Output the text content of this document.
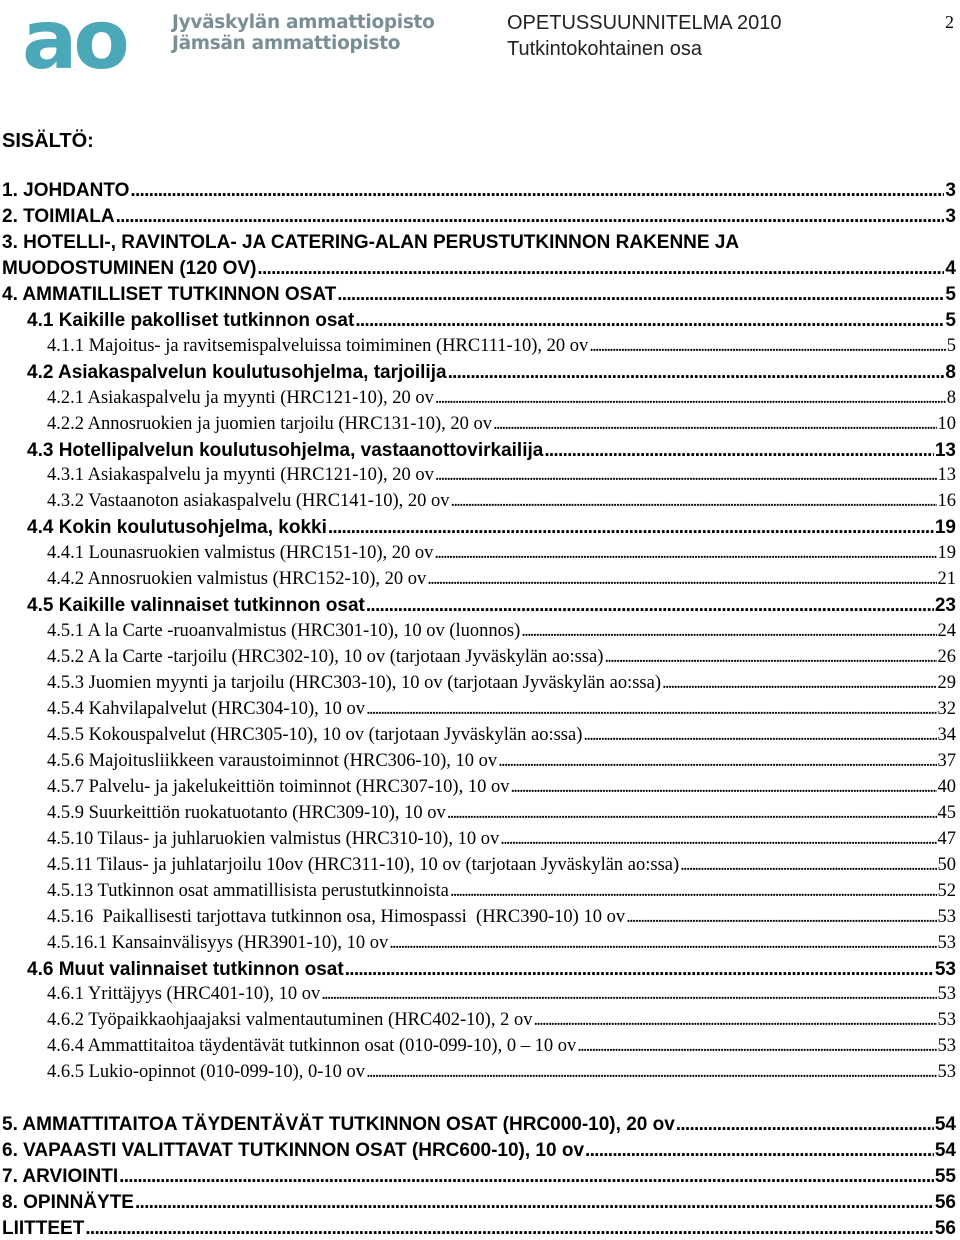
ao	Jyväskylän ammattiopisto
Jämsän ammattiopisto
OPETUSSUUNNITELMA 2010
Tutkintokohtainen osa
2
SISÄLTÖ:
1. JOHDANTO . . .	3
2. TOIMIALA . . .	3
3. HOTELLI-, RAVINTOLA- JA CATERING-ALAN PERUSTUTKINNON RAKENNE JA
MUODOSTUMINEN (120 OV) . . .	4
4. AMMATILLISET TUTKINNON OSAT . . .	5
4.1 Kaikille pakolliset tutkinnon osat . . .	5
4.1.1 Majoitus- ja ravitsemispalveluissa toimiminen (HRC111-10), 20 ov . . .	5
4.2 Asiakaspalvelun koulutusohjelma, tarjoilija . . .	8
4.2.1 Asiakaspalvelu ja myynti (HRC121-10), 20 ov . . .	8
4.2.2 Annosruokien ja juomien tarjoilu (HRC131-10), 20 ov . . .	10
4.3 Hotellipalvelun koulutusohjelma, vastaanottovirkailija . . .	13
4.3.1 Asiakaspalvelu ja myynti (HRC121-10), 20 ov . . .	13
4.3.2 Vastaanoton asiakaspalvelu (HRC141-10), 20 ov . . .	16
4.4 Kokin koulutusohjelma, kokki . . .	19
4.4.1 Lounasruokien valmistus (HRC151-10), 20 ov . . .	19
4.4.2 Annosruokien valmistus (HRC152-10), 20 ov . . .	21
4.5 Kaikille valinnaiset tutkinnon osat . . .	23
4.5.1 A la Carte -ruoanvalmistus (HRC301-10), 10 ov (luonnos) . . .	24
4.5.2 A la Carte -tarjoilu (HRC302-10), 10 ov (tarjotaan Jyväskylän ao:ssa) . . .	26
4.5.3 Juomien myynti ja tarjoilu (HRC303-10), 10 ov (tarjotaan Jyväskylän ao:ssa) . . .	29
4.5.4 Kahvilapalvelut (HRC304-10), 10 ov . . .	32
4.5.5 Kokouspalvelut (HRC305-10), 10 ov (tarjotaan Jyväskylän ao:ssa) . . .	34
4.5.6 Majoitusliikkeen varaustoiminnot (HRC306-10), 10 ov . . .	37
4.5.7 Palvelu- ja jakelukeittiön toiminnot (HRC307-10), 10 ov . . .	40
4.5.9 Suurkeittiön ruokatuotanto (HRC309-10), 10 ov . . .	45
4.5.10 Tilaus- ja juhlaruokien valmistus (HRC310-10), 10 ov . . .	47
4.5.11 Tilaus- ja juhlatarjoilu 10ov (HRC311-10), 10 ov (tarjotaan Jyväskylän ao:ssa) . . .	50
4.5.13 Tutkinnon osat ammatillisista perustutkinnoista . . .	52
4.5.16  Paikallisesti tarjottava tutkinnon osa, Himospassi  (HRC390-10) 10 ov . . .	53
4.5.16.1 Kansainvälisyys (HR3901-10), 10 ov . . .	53
4.6 Muut valinnaiset tutkinnon osat . . .	53
4.6.1 Yrittäjyys (HRC401-10), 10 ov . . .	53
4.6.2 Työpaikkaohjaajaksi valmentautuminen (HRC402-10), 2 ov . . .	53
4.6.4 Ammattitaitoa täydentävät tutkinnon osat (010-099-10), 0 – 10 ov . . .	53
4.6.5 Lukio-opinnot (010-099-10), 0-10 ov . . .	53
5. AMMATTITAITOA TÄYDENTÄVÄT TUTKINNON OSAT (HRC000-10), 20 ov . . .	54
6. VAPAASTI VALITTAVAT TUTKINNON OSAT (HRC600-10), 10 ov . . .	54
7. ARVIOINTI . . .	55
8. OPINNÄYTE . . .	56
LIITTEET . . .	56
